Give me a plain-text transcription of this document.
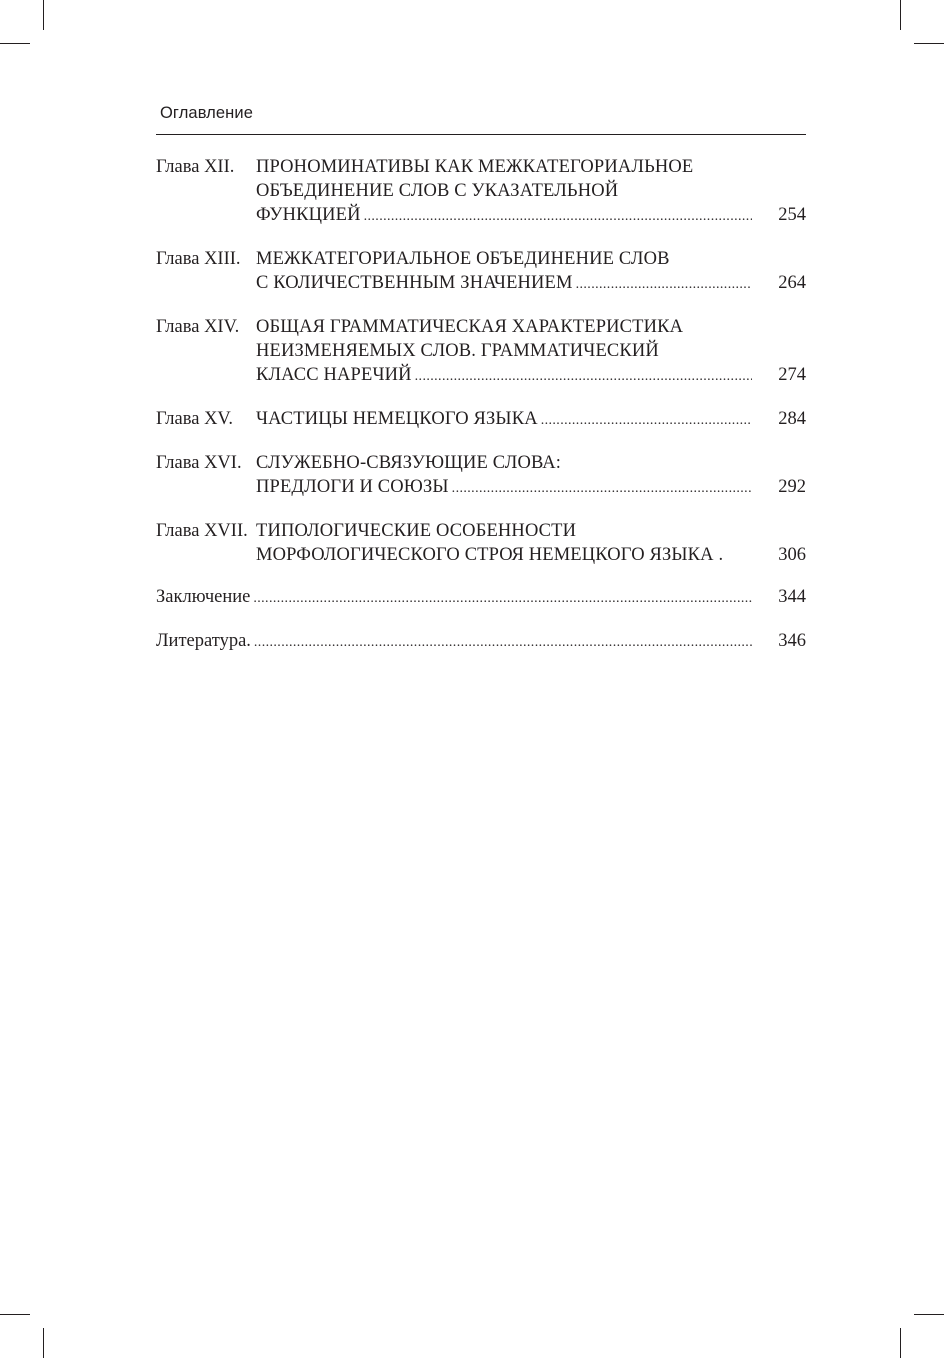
Оглавление
Глава XII. ПРОНОМИНАТИВЫ КАК МЕЖКАТЕГОРИАЛЬНОЕ
ОБЪЕДИНЕНИЕ СЛОВ С УКАЗАТЕЛЬНОЙ
ФУНКЦИЕЙ .....	254
Глава XIII. МЕЖКАТЕГОРИАЛЬНОЕ ОБЪЕДИНЕНИЕ СЛОВ
С КОЛИЧЕСТВЕННЫМ ЗНАЧЕНИЕМ .....	264
Глава XIV. ОБЩАЯ ГРАММАТИЧЕСКАЯ ХАРАКТЕРИСТИКА
НЕИЗМЕНЯЕМЫХ СЛОВ. ГРАММАТИЧЕСКИЙ
КЛАСС НАРЕЧИЙ .....	274
Глава XV. ЧАСТИЦЫ НЕМЕЦКОГО ЯЗЫКА .....	284
Глава XVI. СЛУЖЕБНО-СВЯЗУЮЩИЕ СЛОВА:
ПРЕДЛОГИ И СОЮЗЫ .....	292
Глава XVII. ТИПОЛОГИЧЕСКИЕ ОСОБЕННОСТИ
МОРФОЛОГИЧЕСКОГО СТРОЯ НЕМЕЦКОГО ЯЗЫКА .	306
Заключение .....	344
Литература. .....	346
